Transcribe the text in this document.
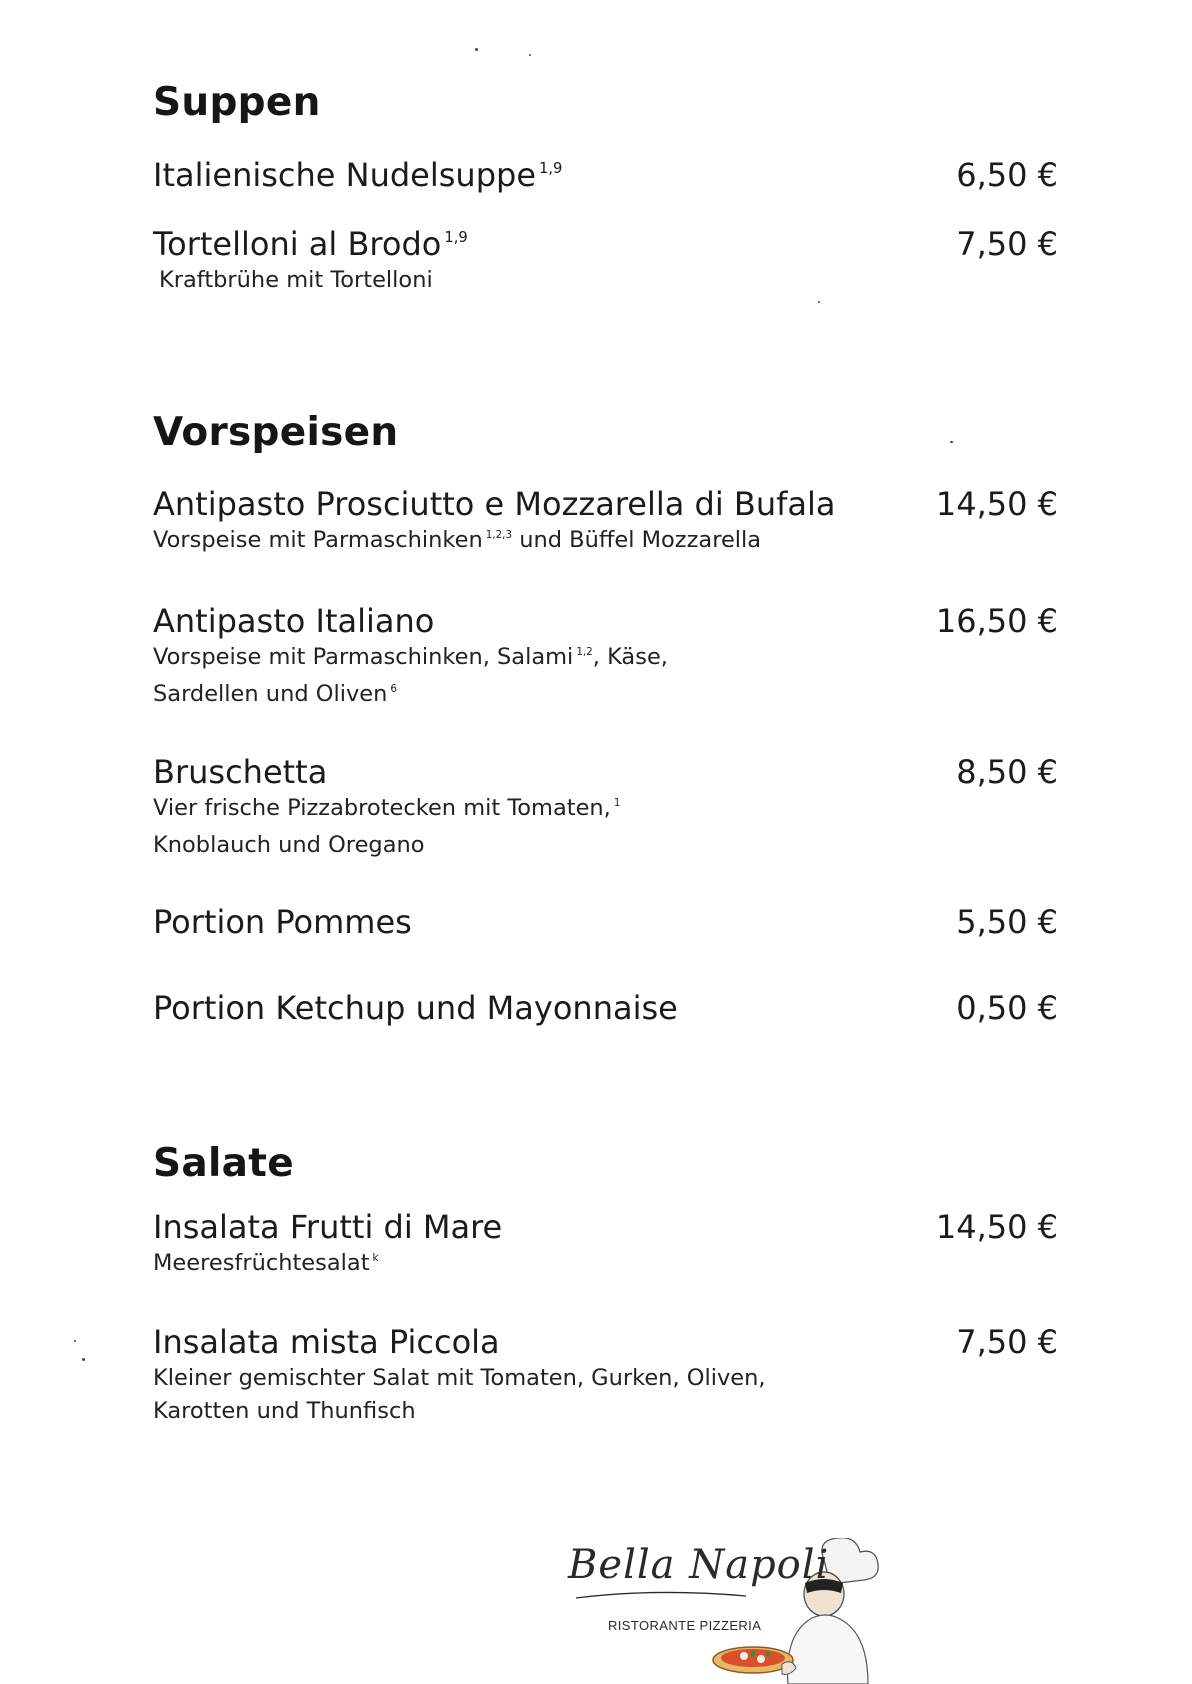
Suppen
Italienische Nudelsuppe $^{1,9}$	6,50 €
Tortelloni al Brodo $^{1,9}$	7,50 €
Kraftbrühe mit Tortelloni
Vorspeisen
Antipasto Prosciutto e Mozzarella di Bufala	14,50 €
Vorspeise mit Parmaschinken $^{1,2,3}$ und Büffel Mozzarella
Antipasto Italiano	16,50 €
Vorspeise mit Parmaschinken, Salami $^{1,2}$, Käse,
Sardellen und Oliven $^6$
Bruschetta	8,50 €
Vier frische Pizzabrotecken mit Tomaten, $^1$
Knoblauch und Oregano
Portion Pommes	5,50 €
Portion Ketchup und Mayonnaise	0,50 €
Salate
Insalata Frutti di Mare	14,50 €
Meeresfrüchtesalat $^k$
Insalata mista Piccola	7,50 €
Kleiner gemischter Salat mit Tomaten, Gurken, Oliven,
Karotten und Thunfisch
Bella Napoli
RISTORANTE PIZZERIA
